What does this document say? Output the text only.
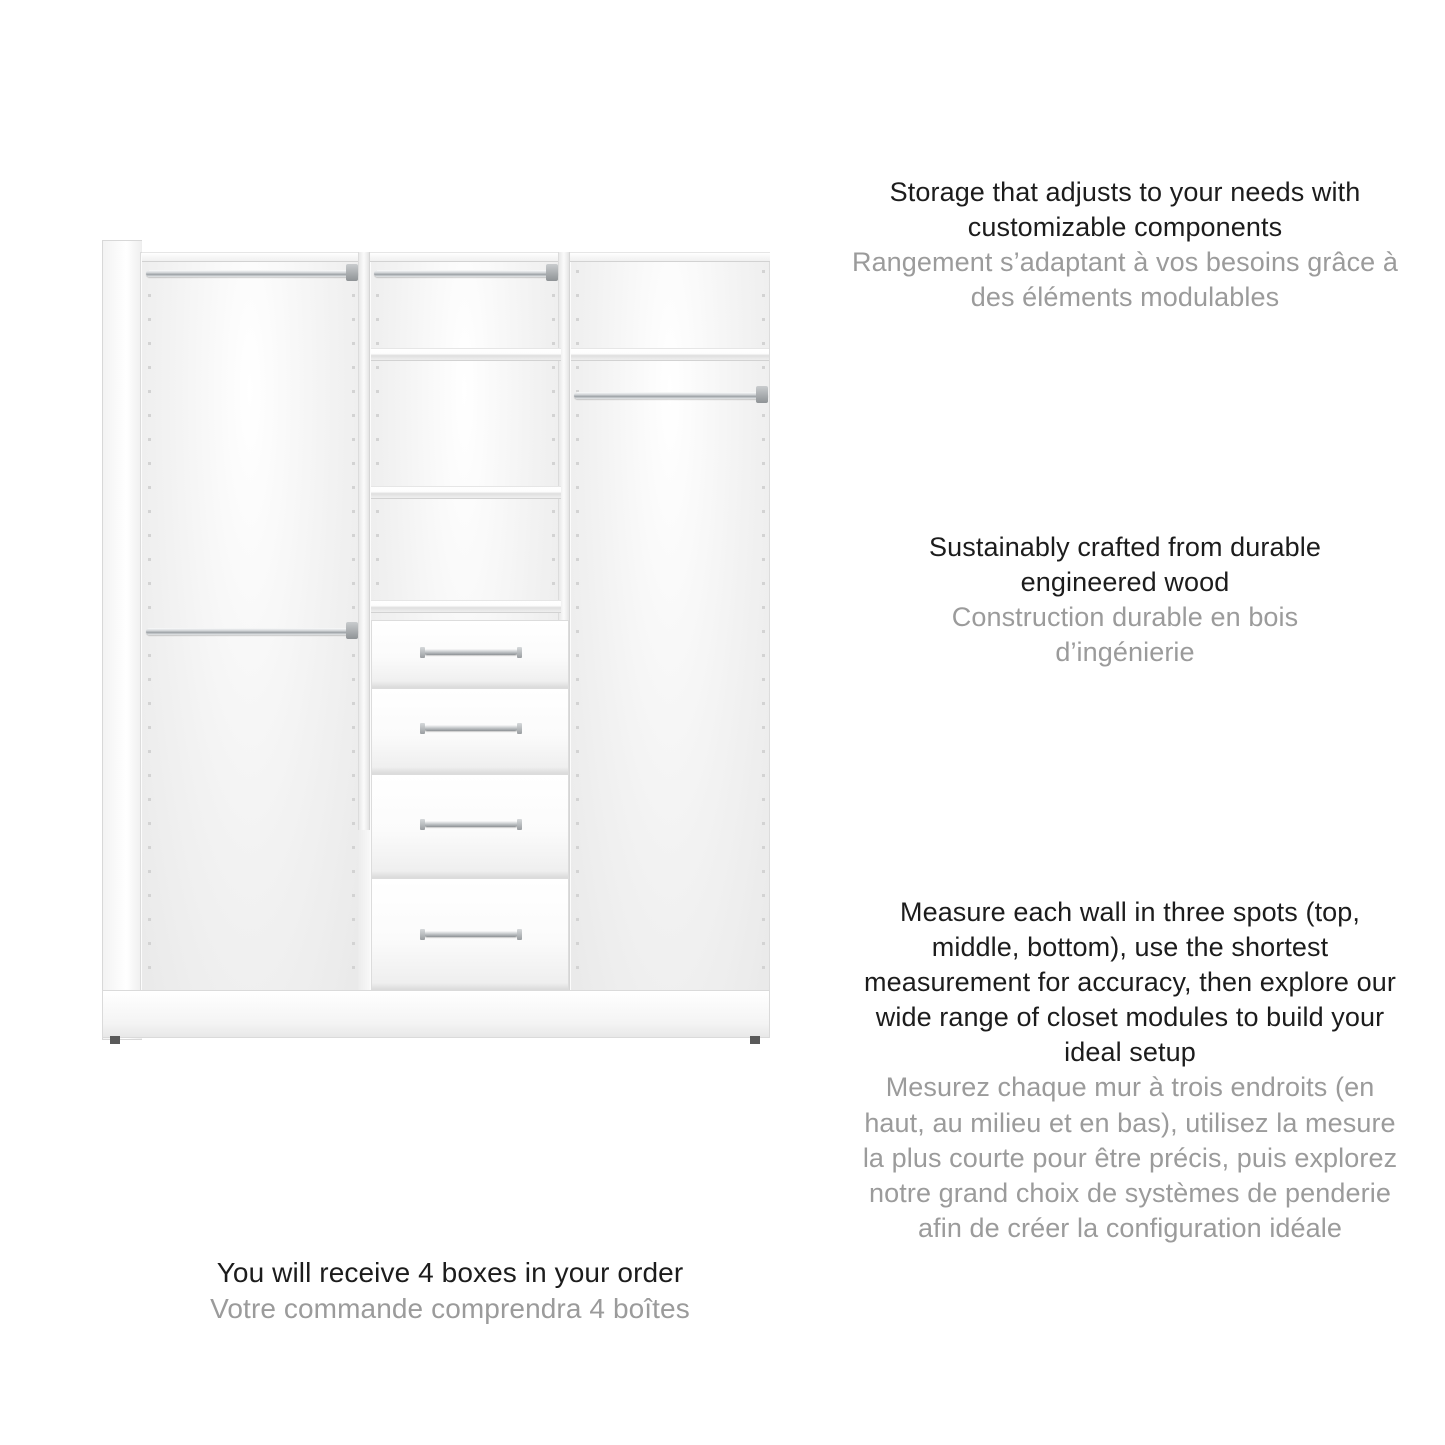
Storage that adjusts to your needs with customizable components
Rangement s’adaptant à vos besoins grâce à des éléments modulables
Sustainably crafted from durable engineered wood
Construction durable en bois d’ingénierie
Measure each wall in three spots (top, middle, bottom), use the shortest measurement for accuracy, then explore our wide range of closet modules to build your ideal setup
Mesurez chaque mur à trois endroits (en haut, au milieu et en bas), utilisez la mesure la plus courte pour être précis, puis explorez notre grand choix de systèmes de penderie afin de créer la configuration idéale
You will receive 4 boxes in your order
Votre commande comprendra 4 boîtes
